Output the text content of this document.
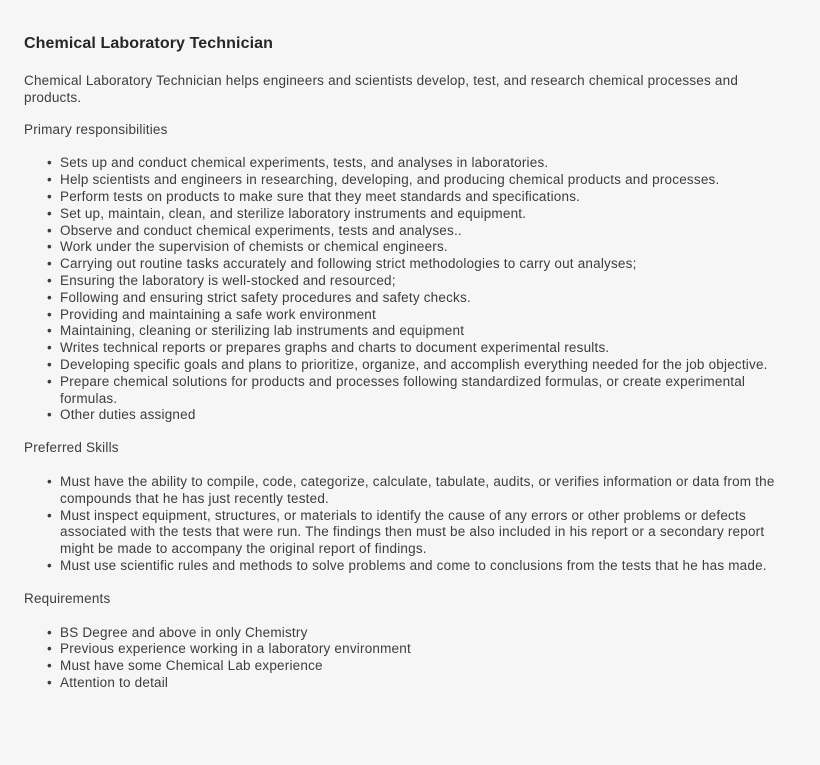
Chemical Laboratory Technician

Chemical Laboratory Technician helps engineers and scientists develop, test, and research chemical processes and products.

Primary responsibilities

• Sets up and conduct chemical experiments, tests, and analyses in laboratories.
• Help scientists and engineers in researching, developing, and producing chemical products and processes.
• Perform tests on products to make sure that they meet standards and specifications.
• Set up, maintain, clean, and sterilize laboratory instruments and equipment.
• Observe and conduct chemical experiments, tests and analyses..
• Work under the supervision of chemists or chemical engineers.
• Carrying out routine tasks accurately and following strict methodologies to carry out analyses;
• Ensuring the laboratory is well-stocked and resourced;
• Following and ensuring strict safety procedures and safety checks.
• Providing and maintaining a safe work environment
• Maintaining, cleaning or sterilizing lab instruments and equipment
• Writes technical reports or prepares graphs and charts to document experimental results.
• Developing specific goals and plans to prioritize, organize, and accomplish everything needed for the job objective.
• Prepare chemical solutions for products and processes following standardized formulas, or create experimental formulas.
• Other duties assigned

Preferred Skills

• Must have the ability to compile, code, categorize, calculate, tabulate, audits, or verifies information or data from the compounds that he has just recently tested.
• Must inspect equipment, structures, or materials to identify the cause of any errors or other problems or defects associated with the tests that were run. The findings then must be also included in his report or a secondary report might be made to accompany the original report of findings.
• Must use scientific rules and methods to solve problems and come to conclusions from the tests that he has made.

Requirements

• BS Degree and above in only Chemistry
• Previous experience working in a laboratory environment
• Must have some Chemical Lab experience
• Attention to detail
